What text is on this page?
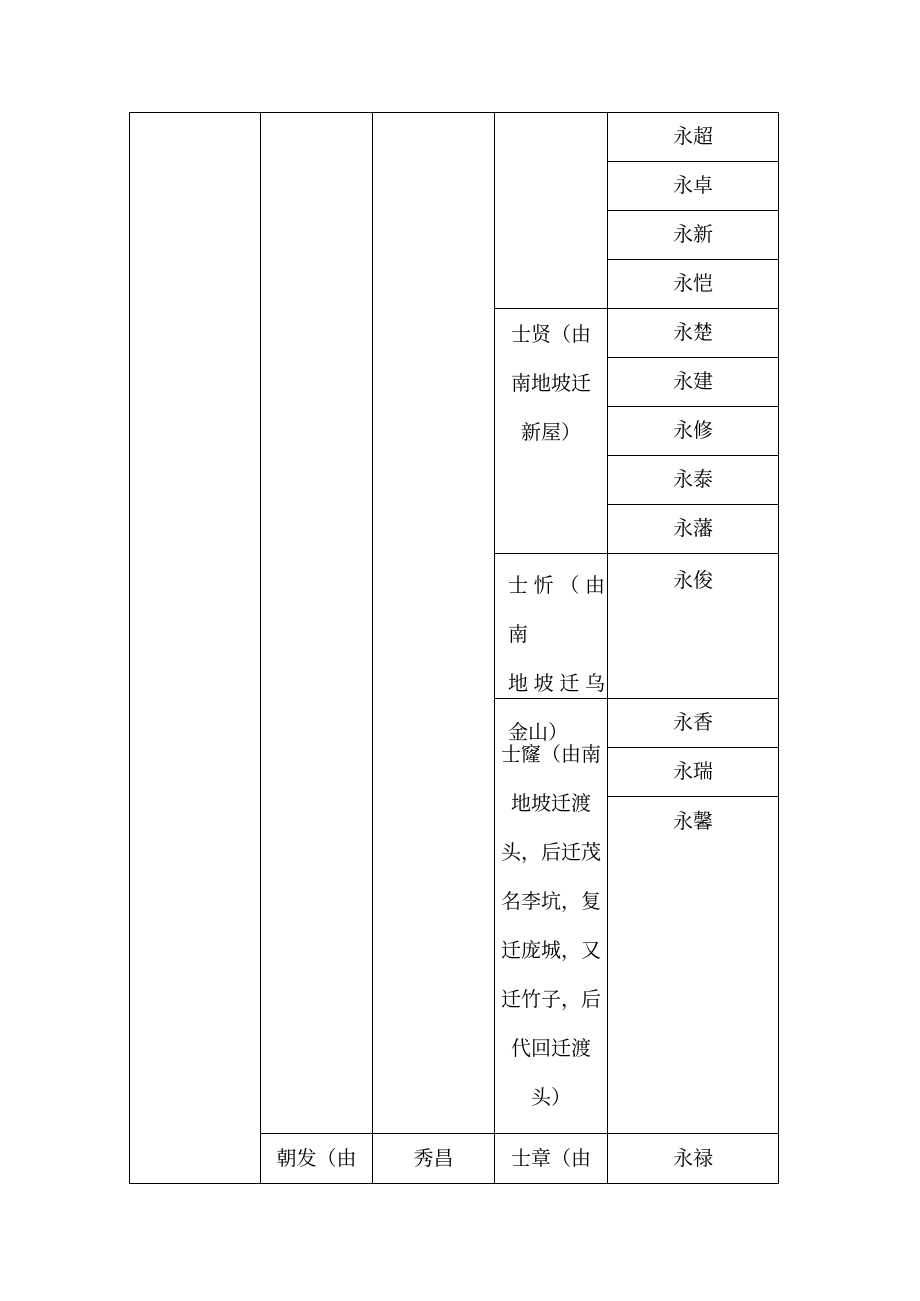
永超
永卓
永新
永恺
永楚
永建
永修
永泰
永藩
永俊
永香
永瑞
永馨
永禄
士贤（由
南地坡迁
新屋）
士忻（由南
地坡迁乌
金山）
士窿（由南
地坡迁渡
头，后迁茂
名李坑，复
迁庞城，又
迁竹子，后
代回迁渡
头）
士章（由
朝发（由	秀昌
